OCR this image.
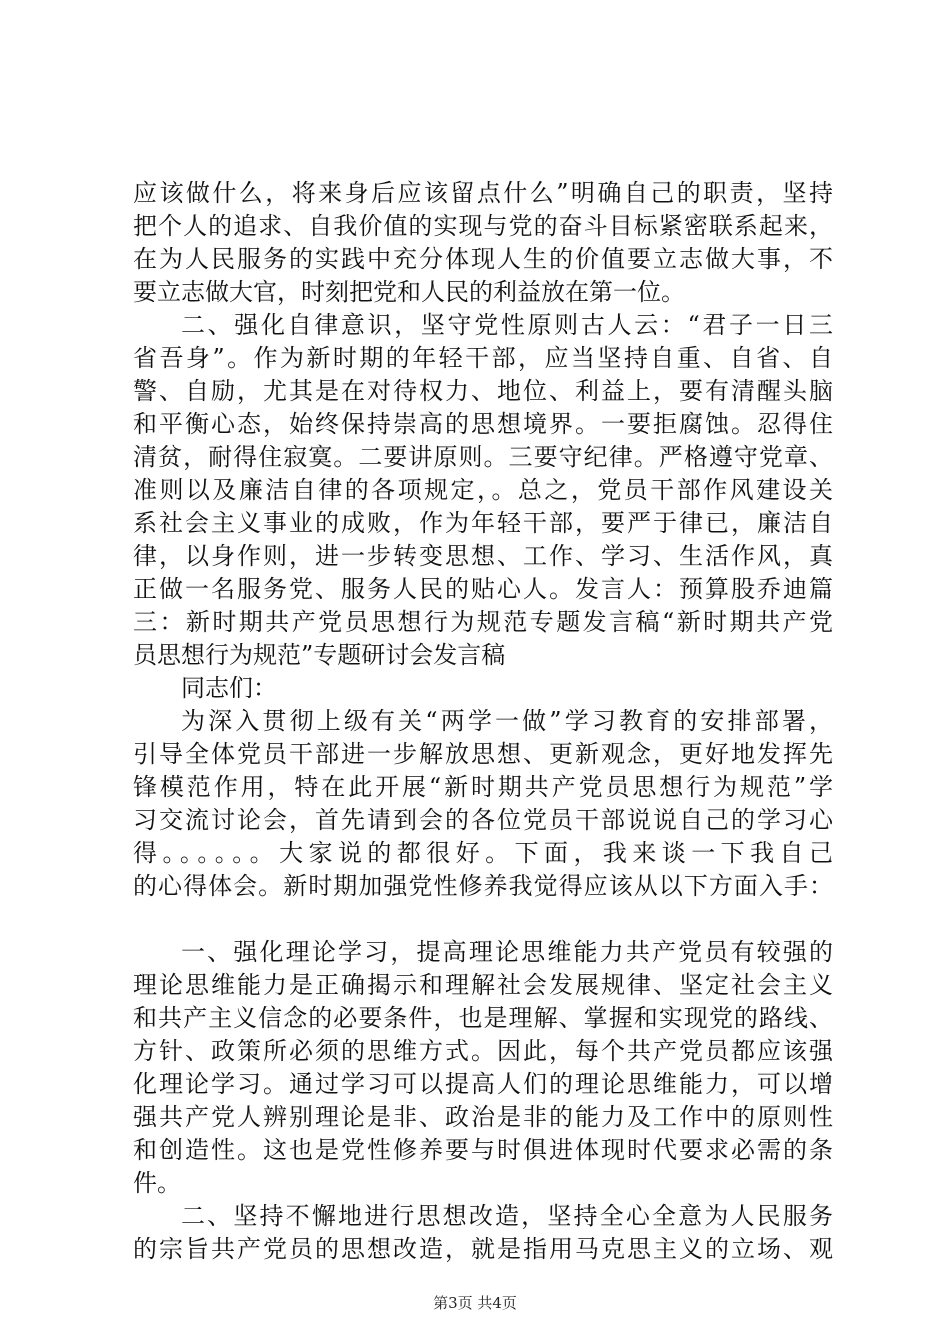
应该做什么，将来身后应该留点什么”明确自己的职责，坚持
把个人的追求、自我价值的实现与党的奋斗目标紧密联系起来，
在为人民服务的实践中充分体现人生的价值要立志做大事，不
要立志做大官，时刻把党和人民的利益放在第一位。
二、强化自律意识，坚守党性原则古人云：“君子一日三
省吾身”。作为新时期的年轻干部，应当坚持自重、自省、自
警、自励，尤其是在对待权力、地位、利益上，要有清醒头脑
和平衡心态，始终保持崇高的思想境界。一要拒腐蚀。忍得住
清贫，耐得住寂寞。二要讲原则。三要守纪律。严格遵守党章、
准则以及廉洁自律的各项规定，。总之，党员干部作风建设关
系社会主义事业的成败，作为年轻干部，要严于律已，廉洁自
律，以身作则，进一步转变思想、工作、学习、生活作风，真
正做一名服务党、服务人民的贴心人。发言人：预算股乔迪篇
三：新时期共产党员思想行为规范专题发言稿“新时期共产党
员思想行为规范”专题研讨会发言稿
同志们：
为深入贯彻上级有关“两学一做”学习教育的安排部署，
引导全体党员干部进一步解放思想、更新观念，更好地发挥先
锋模范作用，特在此开展“新时期共产党员思想行为规范”学
习交流讨论会，首先请到会的各位党员干部说说自己的学习心
得。。。。。。大家说的都很好。下面，我来谈一下我自己
的心得体会。新时期加强党性修养我觉得应该从以下方面入手：
一、强化理论学习，提高理论思维能力共产党员有较强的
理论思维能力是正确揭示和理解社会发展规律、坚定社会主义
和共产主义信念的必要条件，也是理解、掌握和实现党的路线、
方针、政策所必须的思维方式。因此，每个共产党员都应该强
化理论学习。通过学习可以提高人们的理论思维能力，可以增
强共产党人辨别理论是非、政治是非的能力及工作中的原则性
和创造性。这也是党性修养要与时俱进体现时代要求必需的条
件。
二、坚持不懈地进行思想改造，坚持全心全意为人民服务
的宗旨共产党员的思想改造，就是指用马克思主义的立场、观
第3页 共4页
